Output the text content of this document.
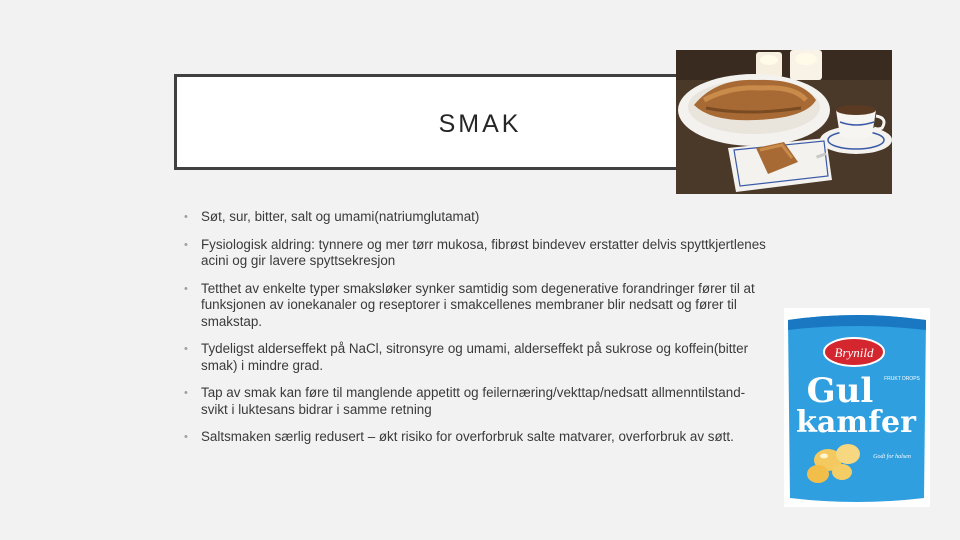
SMAK
• Søt, sur, bitter, salt og umami(natriumglutamat)
• Fysiologisk aldring: tynnere og mer tørr mukosa, fibrøst bindevev erstatter delvis spyttkjertlenes acini og gir lavere spyttsekresjon
• Tetthet av enkelte typer smaksløker synker samtidig som degenerative forandringer fører til at funksjonen av ionekanaler og reseptorer i smakcellenes membraner blir nedsatt og fører til smakstap.
• Tydeligst alderseffekt på NaCl, sitronsyre og umami, alderseffekt på sukrose og koffein(bitter smak) i mindre grad.
• Tap av smak kan føre til manglende appetitt og feilernæring/vekttap/nedsatt allmenntilstand- svikt i luktesans bidrar i samme retning
• Saltsmaken særlig redusert – økt risiko for overforbruk salte matvarer, overforbruk av søtt.
Brynild
FRUKT DROPS
Gul
kamfer
Godt for halsen
